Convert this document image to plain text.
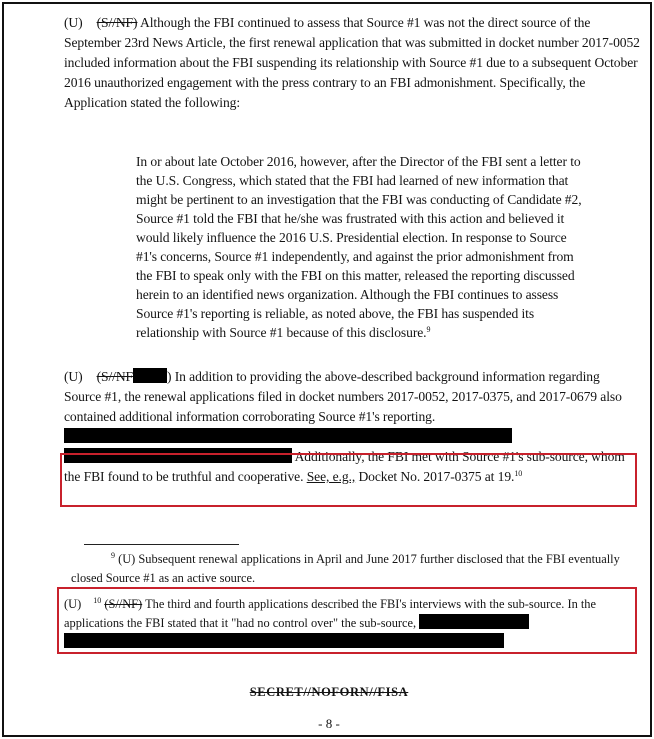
(U) (S//NF) Although the FBI continued to assess that Source #1 was not the direct source of the September 23rd News Article, the first renewal application that was submitted in docket number 2017-0052 included information about the FBI suspending its relationship with Source #1 due to a subsequent October 2016 unauthorized engagement with the press contrary to an FBI admonishment. Specifically, the Application stated the following:
In or about late October 2016, however, after the Director of the FBI sent a letter to the U.S. Congress, which stated that the FBI had learned of new information that might be pertinent to an investigation that the FBI was conducting of Candidate #2, Source #1 told the FBI that he/she was frustrated with this action and believed it would likely influence the 2016 U.S. Presidential election. In response to Source #1's concerns, Source #1 independently, and against the prior admonishment from the FBI to speak only with the FBI on this matter, released the reporting discussed herein to an identified news organization. Although the FBI continues to assess Source #1's reporting is reliable, as noted above, the FBI has suspended its relationship with Source #1 because of this disclosure.$^9$
(U) (S//NF	) In addition to providing the above-described background information regarding Source #1, the renewal applications filed in docket numbers 2017-0052, 2017-0375, and 2017-0679 also contained additional information corroborating Source #1's reporting.   Additionally, the FBI met with Source #1's sub-source, whom the FBI found to be truthful and cooperative. See, e.g., Docket No. 2017-0375 at 19.10
$^9$ (U) Subsequent renewal applications in April and June 2017 further disclosed that the FBI eventually closed Source #1 as an active source.
(U) $^{10}$ (S//NF) The third and fourth applications described the FBI's interviews with the sub-source. In the applications the FBI stated that it "had no control over" the sub-source,
SECRET//NOFORN//FISA
- 8 -
